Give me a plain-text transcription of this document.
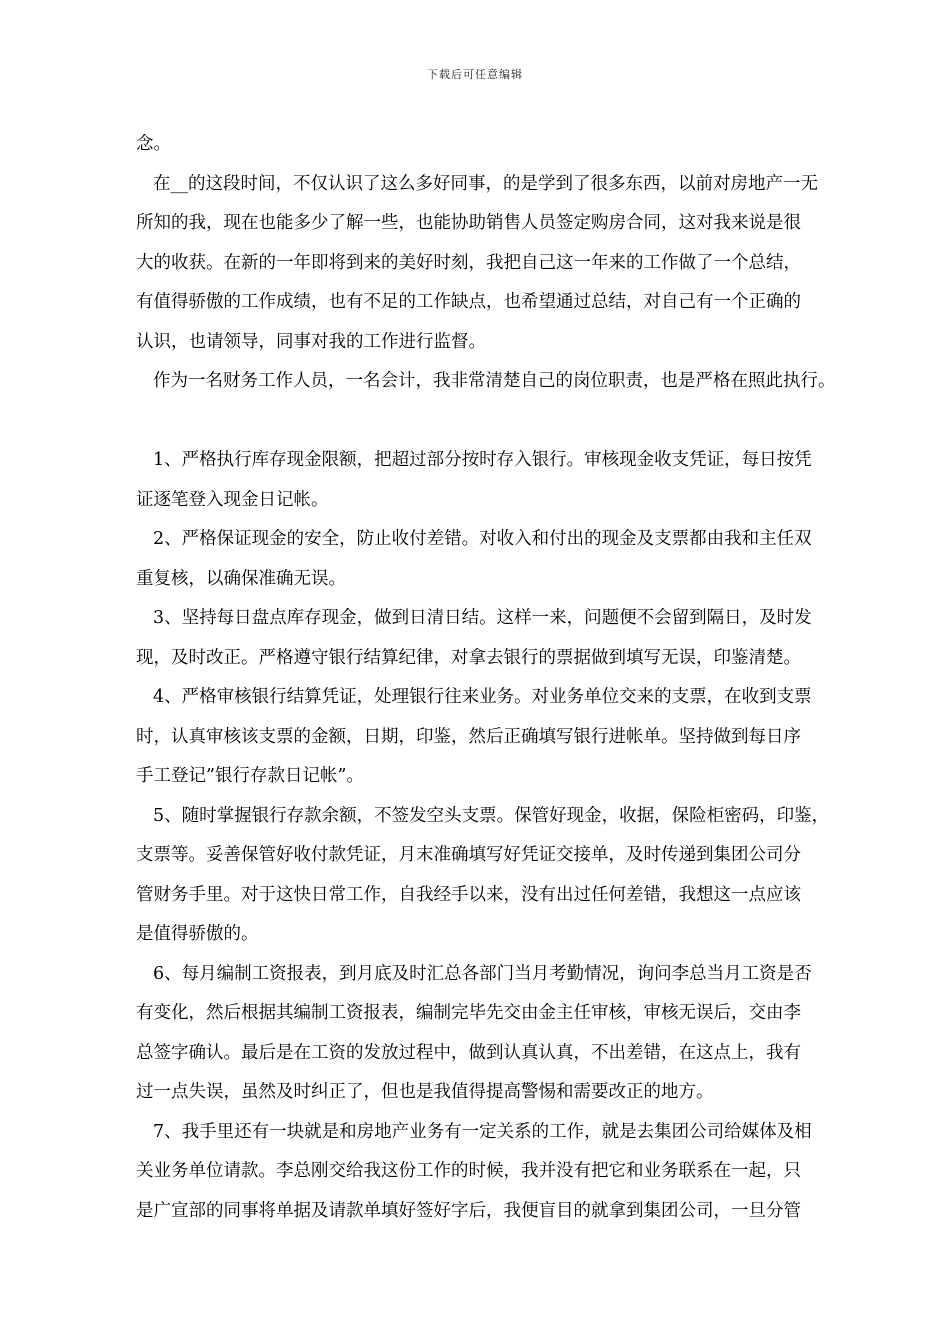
下载后可任意编辑
念。
在__的这段时间，不仅认识了这么多好同事，的是学到了很多东西，以前对房地产一无
所知的我，现在也能多少了解一些，也能协助销售人员签定购房合同，这对我来说是很
大的收获。在新的一年即将到来的美好时刻，我把自己这一年来的工作做了一个总结，
有值得骄傲的工作成绩，也有不足的工作缺点，也希望通过总结，对自己有一个正确的
认识，也请领导，同事对我的工作进行监督。
作为一名财务工作人员，一名会计，我非常清楚自己的岗位职责，也是严格在照此执行。
1、严格执行库存现金限额，把超过部分按时存入银行。审核现金收支凭证，每日按凭
证逐笔登入现金日记帐。
2、严格保证现金的安全，防止收付差错。对收入和付出的现金及支票都由我和主任双
重复核，以确保准确无误。
3、坚持每日盘点库存现金，做到日清日结。这样一来，问题便不会留到隔日，及时发
现，及时改正。严格遵守银行结算纪律，对拿去银行的票据做到填写无误，印鉴清楚。
4、严格审核银行结算凭证，处理银行往来业务。对业务单位交来的支票，在收到支票
时，认真审核该支票的金额，日期，印鉴，然后正确填写银行进帐单。坚持做到每日序
手工登记”银行存款日记帐”。
5、随时掌握银行存款余额，不签发空头支票。保管好现金，收据，保险柜密码，印鉴，
支票等。妥善保管好收付款凭证，月末准确填写好凭证交接单，及时传递到集团公司分
管财务手里。对于这快日常工作，自我经手以来，没有出过任何差错，我想这一点应该
是值得骄傲的。
6、每月编制工资报表，到月底及时汇总各部门当月考勤情况，询问李总当月工资是否
有变化，然后根据其编制工资报表，编制完毕先交由金主任审核，审核无误后，交由李
总签字确认。最后是在工资的发放过程中，做到认真认真，不出差错，在这点上，我有
过一点失误，虽然及时纠正了，但也是我值得提高警惕和需要改正的地方。
7、我手里还有一块就是和房地产业务有一定关系的工作，就是去集团公司给媒体及相
关业务单位请款。李总刚交给我这份工作的时候，我并没有把它和业务联系在一起，只
是广宣部的同事将单据及请款单填好签好字后，我便盲目的就拿到集团公司，一旦分管
